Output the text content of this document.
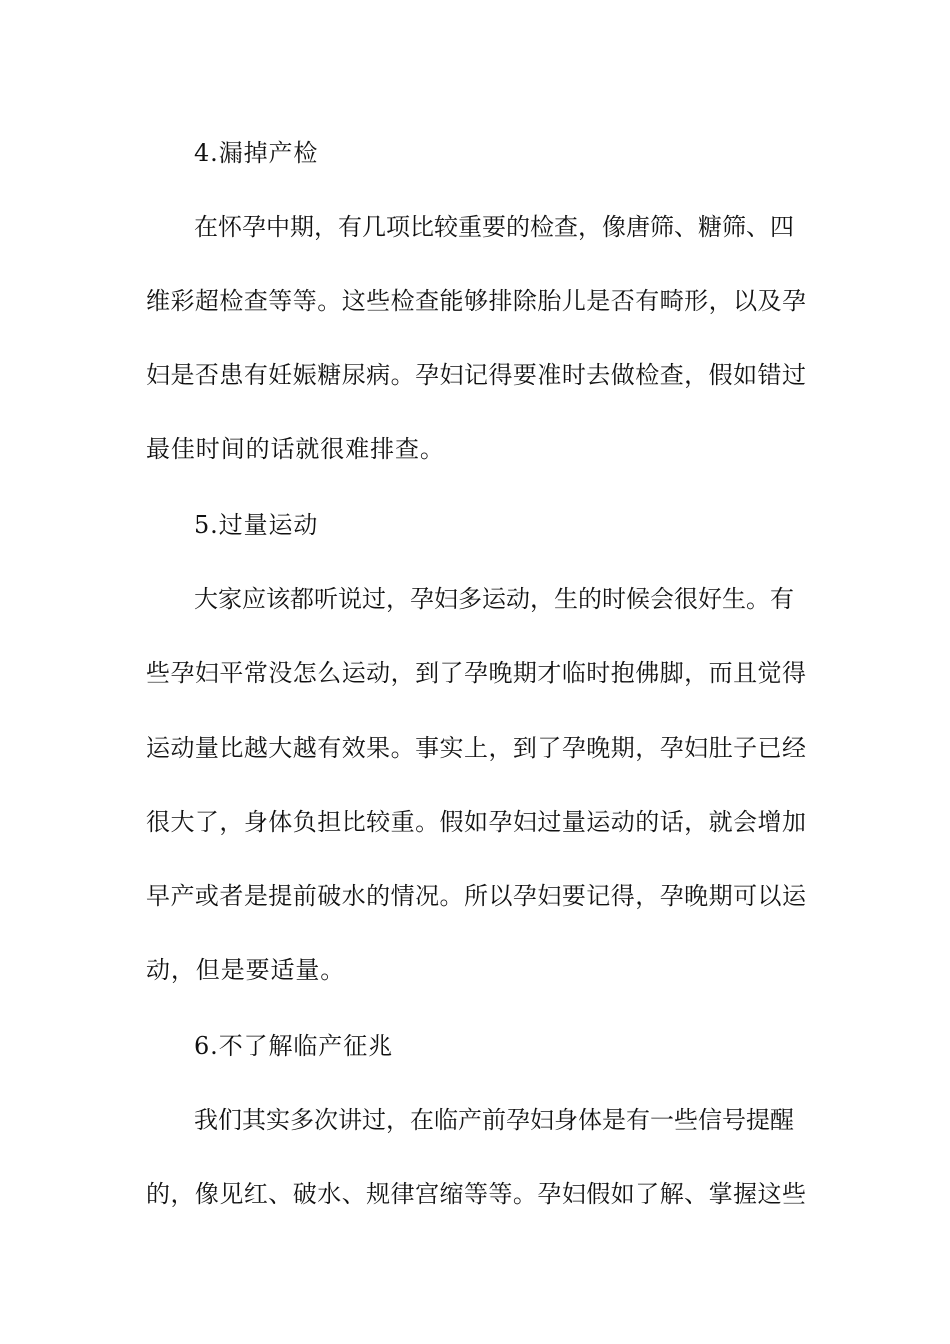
4.漏掉产检
在怀孕中期，有几项比较重要的检查，像唐筛、糖筛、四
维彩超检查等等。这些检查能够排除胎儿是否有畸形，以及孕
妇是否患有妊娠糖尿病。孕妇记得要准时去做检查，假如错过
最佳时间的话就很难排查。
5.过量运动
大家应该都听说过，孕妇多运动，生的时候会很好生。有
些孕妇平常没怎么运动，到了孕晚期才临时抱佛脚，而且觉得
运动量比越大越有效果。事实上，到了孕晚期，孕妇肚子已经
很大了，身体负担比较重。假如孕妇过量运动的话，就会增加
早产或者是提前破水的情况。所以孕妇要记得，孕晚期可以运
动，但是要适量。
6.不了解临产征兆
我们其实多次讲过，在临产前孕妇身体是有一些信号提醒
的，像见红、破水、规律宫缩等等。孕妇假如了解、掌握这些
